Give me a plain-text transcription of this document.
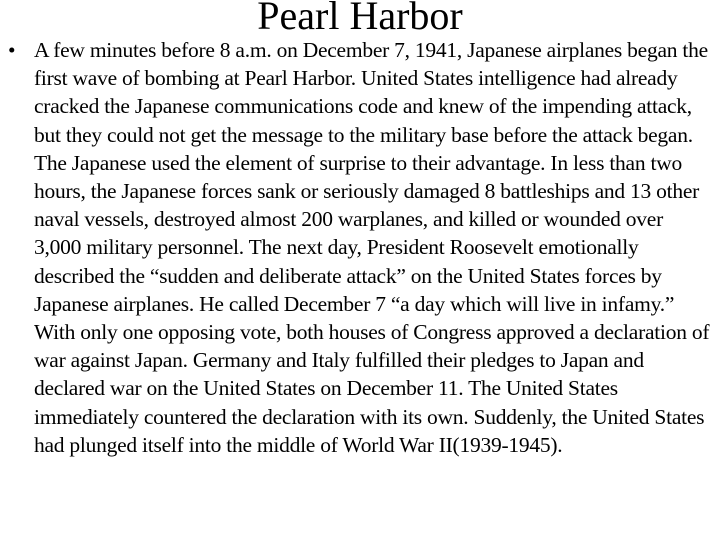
Pearl Harbor
• A few minutes before 8 a.m. on December 7, 1941, Japanese airplanes began the first wave of bombing at Pearl Harbor. United States intelligence had already cracked the Japanese communications code and knew of the impending attack, but they could not get the message to the military base before the attack began. The Japanese used the element of surprise to their advantage. In less than two hours, the Japanese forces sank or seriously damaged 8 battleships and 13 other naval vessels, destroyed almost 200 warplanes, and killed or wounded over 3,000 military personnel. The next day, President Roosevelt emotionally described the “sudden and deliberate attack” on the United States forces by Japanese airplanes. He called December 7 “a day which will live in infamy.” With only one opposing vote, both houses of Congress approved a declaration of war against Japan. Germany and Italy fulfilled their pledges to Japan and declared war on the United States on December 11. The United States immediately countered the declaration with its own. Suddenly, the United States had plunged itself into the middle of World War II(1939-1945).
